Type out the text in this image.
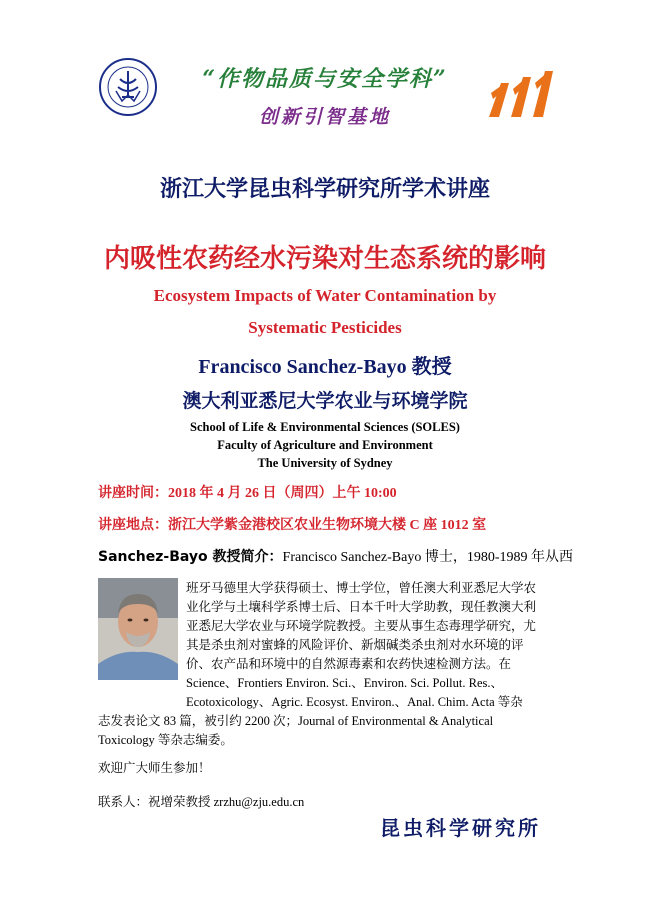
“作物品质与安全学科”
创新引智基地
浙江大学昆虫科学研究所学术讲座
内吸性农药经水污染对生态系统的影响
Ecosystem Impacts of Water Contamination by
Systematic Pesticides
Francisco Sanchez-Bayo 教授
澳大利亚悉尼大学农业与环境学院
School of Life & Environmental Sciences (SOLES)
Faculty of Agriculture and Environment
The University of Sydney
讲座时间：2018 年 4 月 26 日（周四）上午 10:00
讲座地点：浙江大学紫金港校区农业生物环境大楼 C 座 1012 室
Sanchez-Bayo 教授简介：Francisco Sanchez-Bayo 博士，1980-1989 年从西
班牙马德里大学获得硕士、博士学位，曾任澳大利亚悉尼大学农
业化学与土壤科学系博士后、日本千叶大学助教，现任教澳大利
亚悉尼大学农业与环境学院教授。主要从事生态毒理学研究，尤
其是杀虫剂对蜜蜂的风险评价、新烟碱类杀虫剂对水环境的评
价、农产品和环境中的自然源毒素和农药快速检测方法。在
Science、Frontiers Environ. Sci.、Environ. Sci. Pollut. Res.、
Ecotoxicology、Agric. Ecosyst. Environ.、Anal. Chim. Acta 等杂
志发表论文 83 篇，被引约 2200 次；Journal of Environmental & Analytical
Toxicology 等杂志编委。
欢迎广大师生参加！
联系人：祝增荣教授 zrzhu@zju.edu.cn
昆虫科学研究所
